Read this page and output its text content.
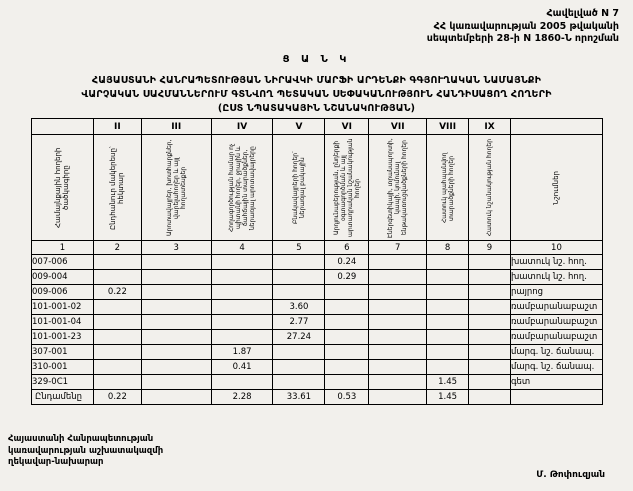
Հավելված N 7
ՀՀ կառավարության 2005 թվականի
սեպտեմբերի 28-ի N 1860-Ն որոշման
Ց Ա Ն Կ
ՀԱՅԱՍՏԱՆԻ ՀԱՆՐԱՊԵՏՈՒԹՅԱՆ ՆԻՐԱՎԿԻ ՄԱՐՖԻ ԱՐԴԵՆՔԻ ԳԳՅՈՒՂԱԿԱՆ ՆԱՄԱՅՆՔԻ
ՎԱՐՉԱԿԱՆ ՍԱՀՄԱՆՆԵՐՈՒՄ ԳՏՆՎՈՂ ՊԵՏԱԿԱՆ ՍԵՓԱԿԱՆՈՒԹՅՈՒՆ ՀԱՆԴԻՍԱՑՈՂ ՀՈՂԵՐԻ
(ԸՍՏ ՆՊԱՏԱԿԱՅԻՆ ՆՇԱՆԱԿՈՒԹՅԱՆ)
	II	III	IV	V	VI	VII	VIII	IX	

Համայնքային հողերի ծածկագիրը	Ընդհանուր մակերեսը՝ հեկտար	Արոտավայրեր, խոտհարքներ, վարելահողեր և այլ հողատեսքեր	Հողագործության համար ոչ պիտանի հողեր, ջրային և ճահճային տարածքներ, ներառյալ արոտավայրերը	Բնակավայրերի հողեր՝ ներառյալ բակային	Արդյունաբերության, ընդերքի օգտագործման և այլ արտադրական նշանակության հողեր	Էներգետիկայի, տրանսպորտի, կապի, կոմունալ ենթակառուցվածքների հողեր	Հատուկ պահպանվող տարածքների հողեր	Հատուկ նշանակության հողեր	Նշումներ

1	2	3	4	5	6	7	8	9	10
007-006					0.24				խատուկ նշ. հող.
009-004					0.29				խատուկ նշ. հող.
009-006	0.22								րայրոց
101-001-02				3.60					ռամբարանաբաշտ
101-001-04				2.77					ռամբարանաբաշտ
101-001-23				27.24					ռամբարանաբաշտ
307-001			1.87						մարգ. նշ. ճանապ.
310-001			0.41						մարգ. նշ. ճանապ.
329-0C1							1.45		գետ
Ընդամենը	0.22		2.28	33.61	0.53		1.45		
Հայաստանի Հանրապետության
կառավարության աշխատակազմի
ղեկավար-նախարար
Մ. Թոփուզյան
